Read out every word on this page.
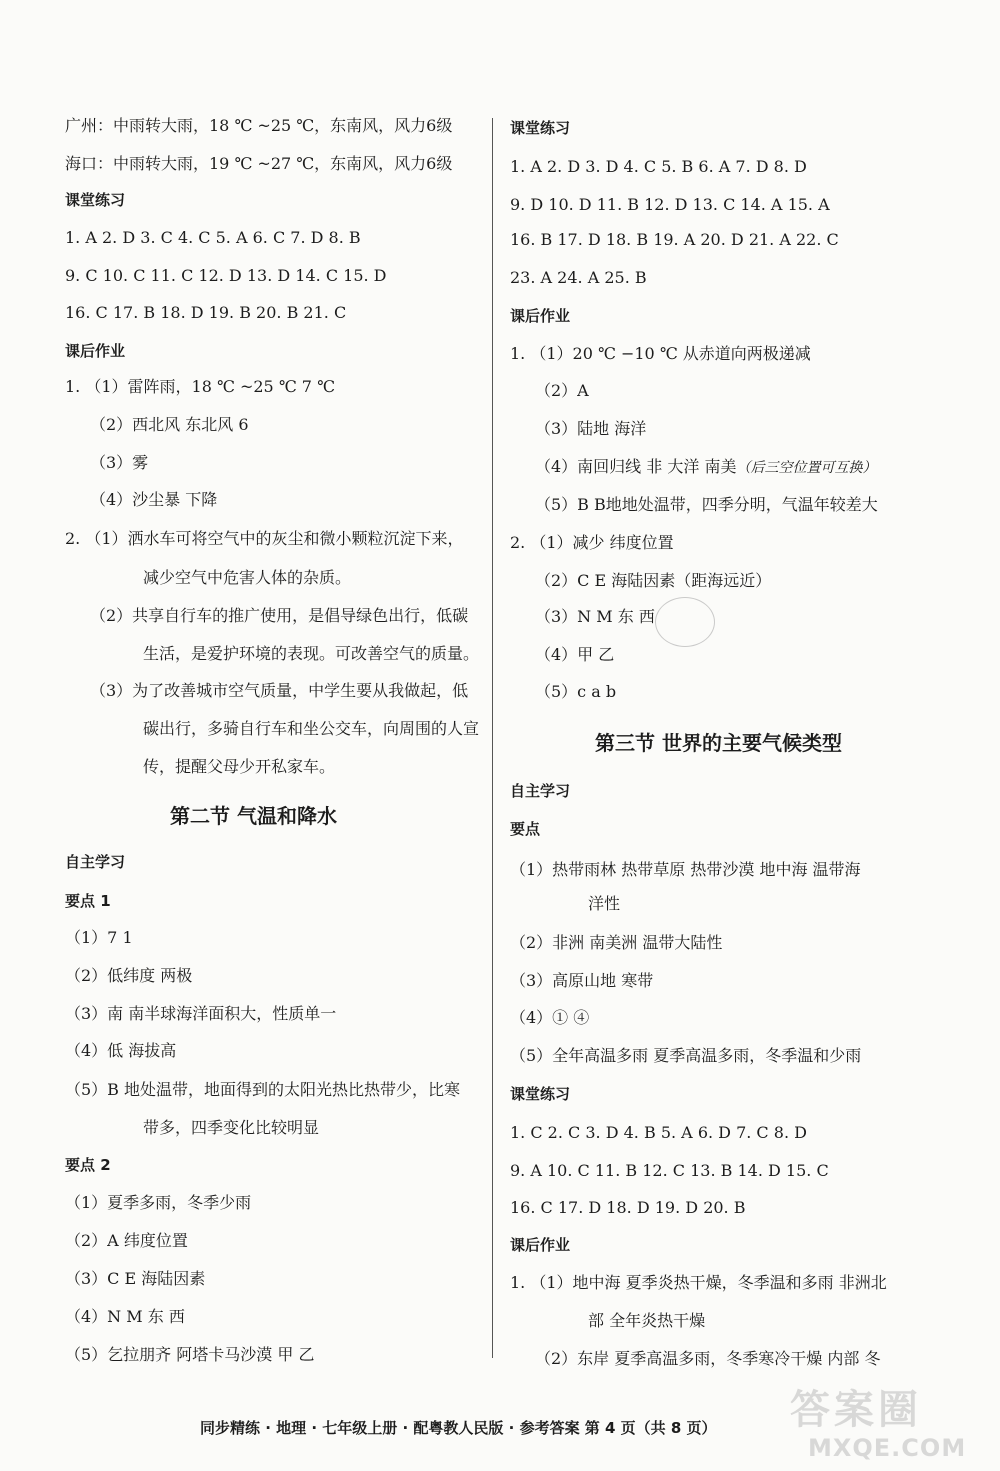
广州：中雨转大雨，18 ℃ ~25 ℃，东南风，风力6级
海口：中雨转大雨，19 ℃ ~27 ℃，东南风，风力6级
课堂练习
1. A 2. D 3. C 4. C 5. A 6. C 7. D 8. B
9. C 10. C 11. C 12. D 13. D 14. C 15. D
16. C 17. B 18. D 19. B 20. B 21. C
课后作业
1. （1）雷阵雨，18 ℃ ~25 ℃ 7 ℃
（2）西北风 东北风 6
（3）雾
（4）沙尘暴 下降
2. （1）洒水车可将空气中的灰尘和微小颗粒沉淀下来，
减少空气中危害人体的杂质。
（2）共享自行车的推广使用，是倡导绿色出行，低碳
生活，是爱护环境的表现。可改善空气的质量。
（3）为了改善城市空气质量，中学生要从我做起，低
碳出行，多骑自行车和坐公交车，向周围的人宣
传，提醒父母少开私家车。
第二节 气温和降水
自主学习
要点 1
（1）7 1
（2）低纬度 两极
（3）南 南半球海洋面积大，性质单一
（4）低 海拔高
（5）B 地处温带，地面得到的太阳光热比热带少，比寒
带多，四季变化比较明显
要点 2
（1）夏季多雨，冬季少雨
（2）A 纬度位置
（3）C E 海陆因素
（4）N M 东 西
（5）乞拉朋齐 阿塔卡马沙漠 甲 乙
课堂练习
1. A 2. D 3. D 4. C 5. B 6. A 7. D 8. D
9. D 10. D 11. B 12. D 13. C 14. A 15. A
16. B 17. D 18. B 19. A 20. D 21. A 22. C
23. A 24. A 25. B
课后作业
1. （1）20 ℃ −10 ℃ 从赤道向两极递减
（2）A
（3）陆地 海洋
（4）南回归线 非 大洋 南美（后三空位置可互换）
（5）B B地地处温带，四季分明，气温年较差大
2. （1）减少 纬度位置
（2）C E 海陆因素（距海远近）
（3）N M 东 西
（4）甲 乙
（5）c a b
第三节 世界的主要气候类型
自主学习
要点
（1）热带雨林 热带草原 热带沙漠 地中海 温带海
洋性
（2）非洲 南美洲 温带大陆性
（3）高原山地 寒带
（4）① ④
（5）全年高温多雨 夏季高温多雨，冬季温和少雨
课堂练习
1. C 2. C 3. D 4. B 5. A 6. D 7. C 8. D
9. A 10. C 11. B 12. C 13. B 14. D 15. C
16. C 17. D 18. D 19. D 20. B
课后作业
1. （1）地中海 夏季炎热干燥，冬季温和多雨 非洲北
部 全年炎热干燥
（2）东岸 夏季高温多雨，冬季寒冷干燥 内部 冬
同步精练 · 地理 · 七年级上册 · 配粤教人民版 · 参考答案 第 4 页（共 8 页）	答案圈
MXQE.COM
